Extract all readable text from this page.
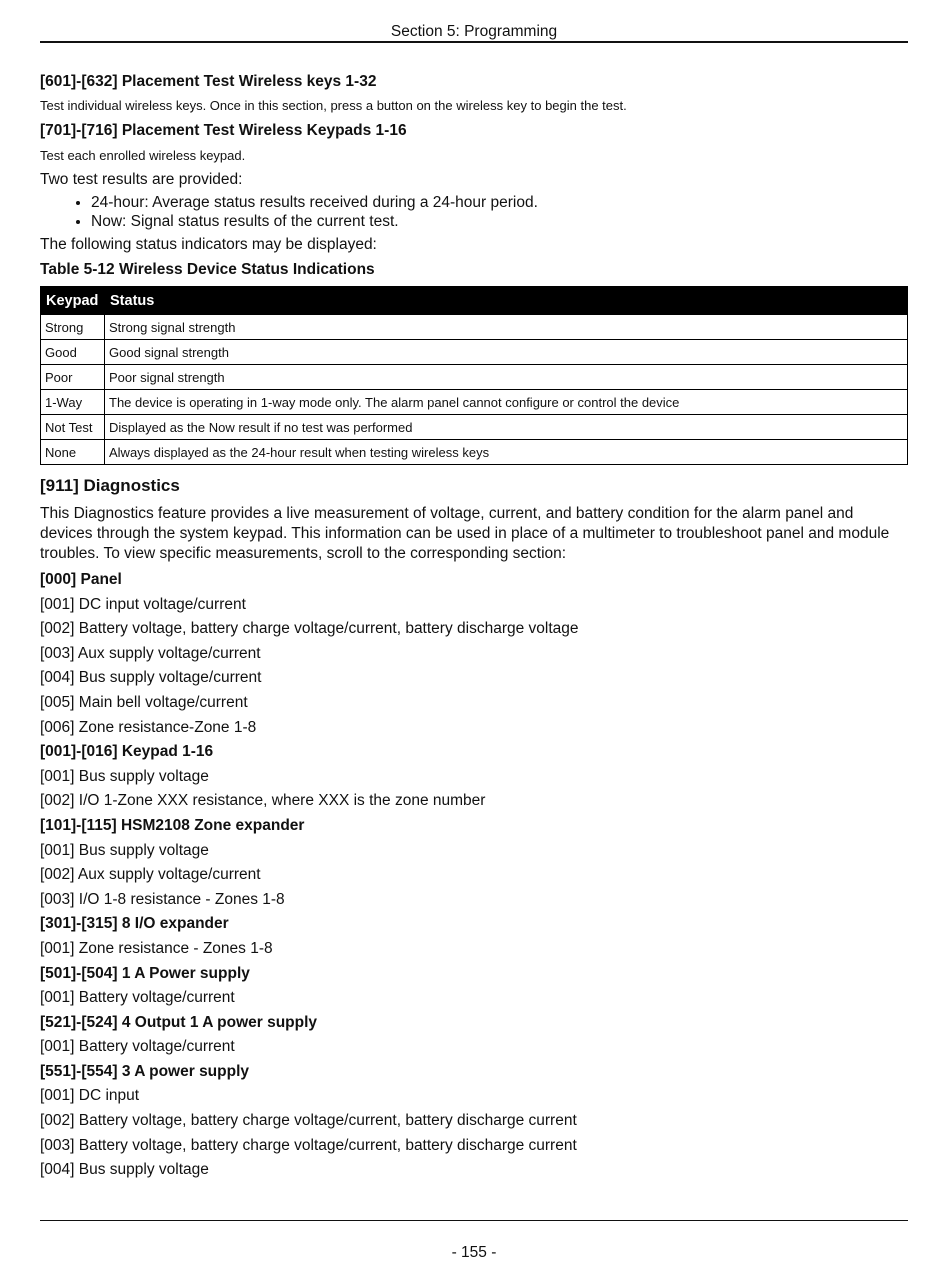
Section 5: Programming
[601]-[632] Placement Test Wireless keys 1-32

Test individual wireless keys. Once in this section, press a button on the wireless key to begin the test.

[701]-[716] Placement Test Wireless Keypads 1-16

Test each enrolled wireless keypad.

Two test results are provided:

• 24-hour: Average status results received during a 24-hour period.
• Now: Signal status results of the current test.

The following status indicators may be displayed:

Table 5-12 Wireless Device Status Indications
Keypad	Status
Strong	Strong signal strength
Good	Good signal strength
Poor	Poor signal strength
1-Way	The device is operating in 1-way mode only. The alarm panel cannot configure or control the device
Not Test	Displayed as the Now result if no test was performed
None	Always displayed as the 24-hour result when testing wireless keys
[911] Diagnostics

This Diagnostics feature provides a live measurement of voltage, current, and battery condition for the alarm panel and devices through the system keypad. This information can be used in place of a multimeter to troubleshoot panel and module troubles. To view specific measurements, scroll to the corresponding section:

[000] Panel
[001] DC input voltage/current
[002] Battery voltage, battery charge voltage/current, battery discharge voltage
[003] Aux supply voltage/current
[004] Bus supply voltage/current
[005] Main bell voltage/current
[006] Zone resistance-Zone 1-8
[001]-[016] Keypad 1-16
[001] Bus supply voltage
[002] I/O 1-Zone XXX resistance, where XXX is the zone number
[101]-[115] HSM2108 Zone expander
[001] Bus supply voltage
[002] Aux supply voltage/current
[003] I/O 1-8 resistance - Zones 1-8
[301]-[315] 8 I/O expander
[001] Zone resistance - Zones 1-8
[501]-[504] 1 A Power supply
[001] Battery voltage/current
[521]-[524] 4 Output 1 A power supply
[001] Battery voltage/current
[551]-[554] 3 A power supply
[001] DC input
[002] Battery voltage, battery charge voltage/current, battery discharge current
[003] Battery voltage, battery charge voltage/current, battery discharge current
[004] Bus supply voltage
- 155 -
